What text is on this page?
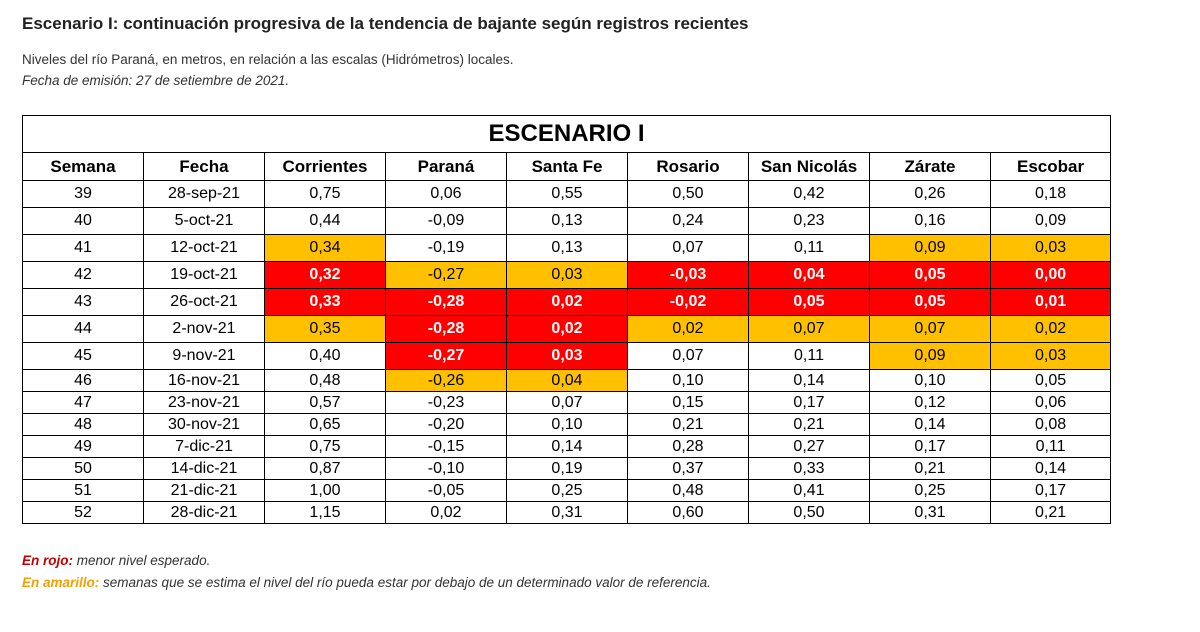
Escenario I: continuación progresiva de la tendencia de bajante según registros recientes
Niveles del río Paraná, en metros, en relación a las escalas (Hidrómetros) locales.
Fecha de emisión: 27 de setiembre de 2021.
ESCENARIO I								
Semana	Fecha	Corrientes	Paraná	Santa Fe	Rosario	San Nicolás	Zárate	Escobar
39	28-sep-21	0,75	0,06	0,55	0,50	0,42	0,26	0,18
40	5-oct-21	0,44	-0,09	0,13	0,24	0,23	0,16	0,09
41	12-oct-21	0,34	-0,19	0,13	0,07	0,11	0,09	0,03
42	19-oct-21	0,32	-0,27	0,03	-0,03	0,04	0,05	0,00
43	26-oct-21	0,33	-0,28	0,02	-0,02	0,05	0,05	0,01
44	2-nov-21	0,35	-0,28	0,02	0,02	0,07	0,07	0,02
45	9-nov-21	0,40	-0,27	0,03	0,07	0,11	0,09	0,03
46	16-nov-21	0,48	-0,26	0,04	0,10	0,14	0,10	0,05
47	23-nov-21	0,57	-0,23	0,07	0,15	0,17	0,12	0,06
48	30-nov-21	0,65	-0,20	0,10	0,21	0,21	0,14	0,08
49	7-dic-21	0,75	-0,15	0,14	0,28	0,27	0,17	0,11
50	14-dic-21	0,87	-0,10	0,19	0,37	0,33	0,21	0,14
51	21-dic-21	1,00	-0,05	0,25	0,48	0,41	0,25	0,17
52	28-dic-21	1,15	0,02	0,31	0,60	0,50	0,31	0,21
En rojo: menor nivel esperado.
En amarillo: semanas que se estima el nivel del río pueda estar por debajo de un determinado valor de referencia.
